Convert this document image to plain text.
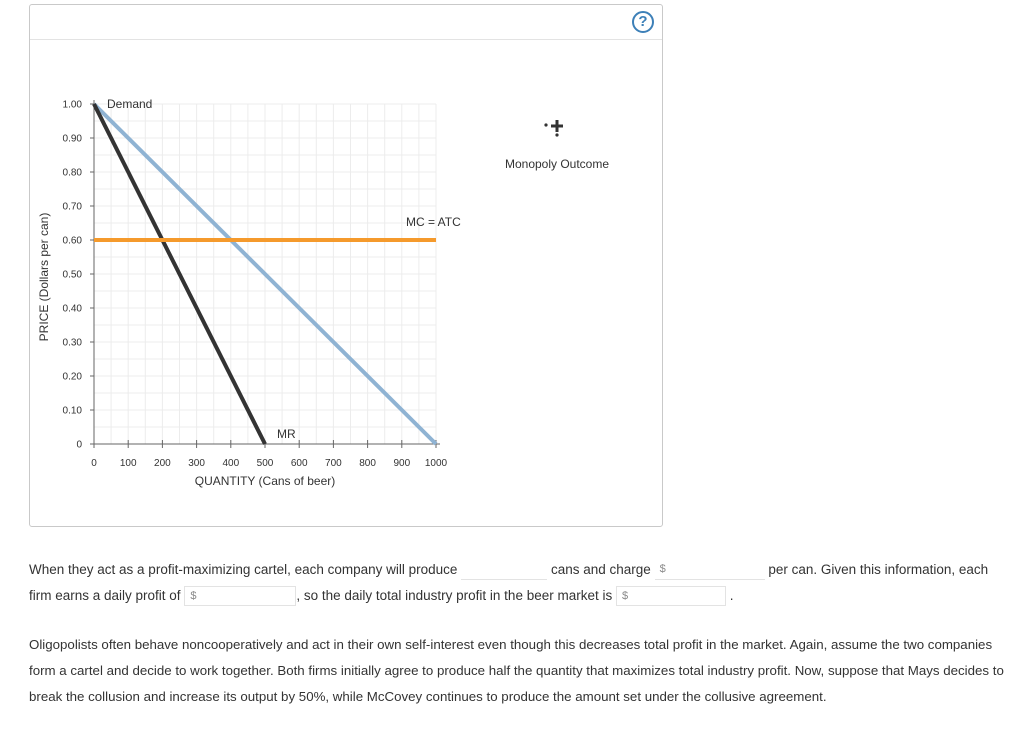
?
0
0.10
0.20
0.30
0.40
0.50
0.60
0.70
0.80
0.90
1.00
0 100 200 300 400 500 600 700 800 900 1000
QUANTITY (Cans of beer)
PRICE (Dollars per can)
Demand
MR
MC = ATC
Monopoly Outcome
When they act as a profit-maximizing cartel, each company will produce	cans and charge $	per can. Given this information, each firm earns a daily profit of $	, so the daily total industry profit in the beer market is $	.
Oligopolists often behave noncooperatively and act in their own self-interest even though this decreases total profit in the market. Again, assume the two companies form a cartel and decide to work together. Both firms initially agree to produce half the quantity that maximizes total industry profit. Now, suppose that Mays decides to break the collusion and increase its output by 50%, while McCovey continues to produce the amount set under the collusive agreement.
